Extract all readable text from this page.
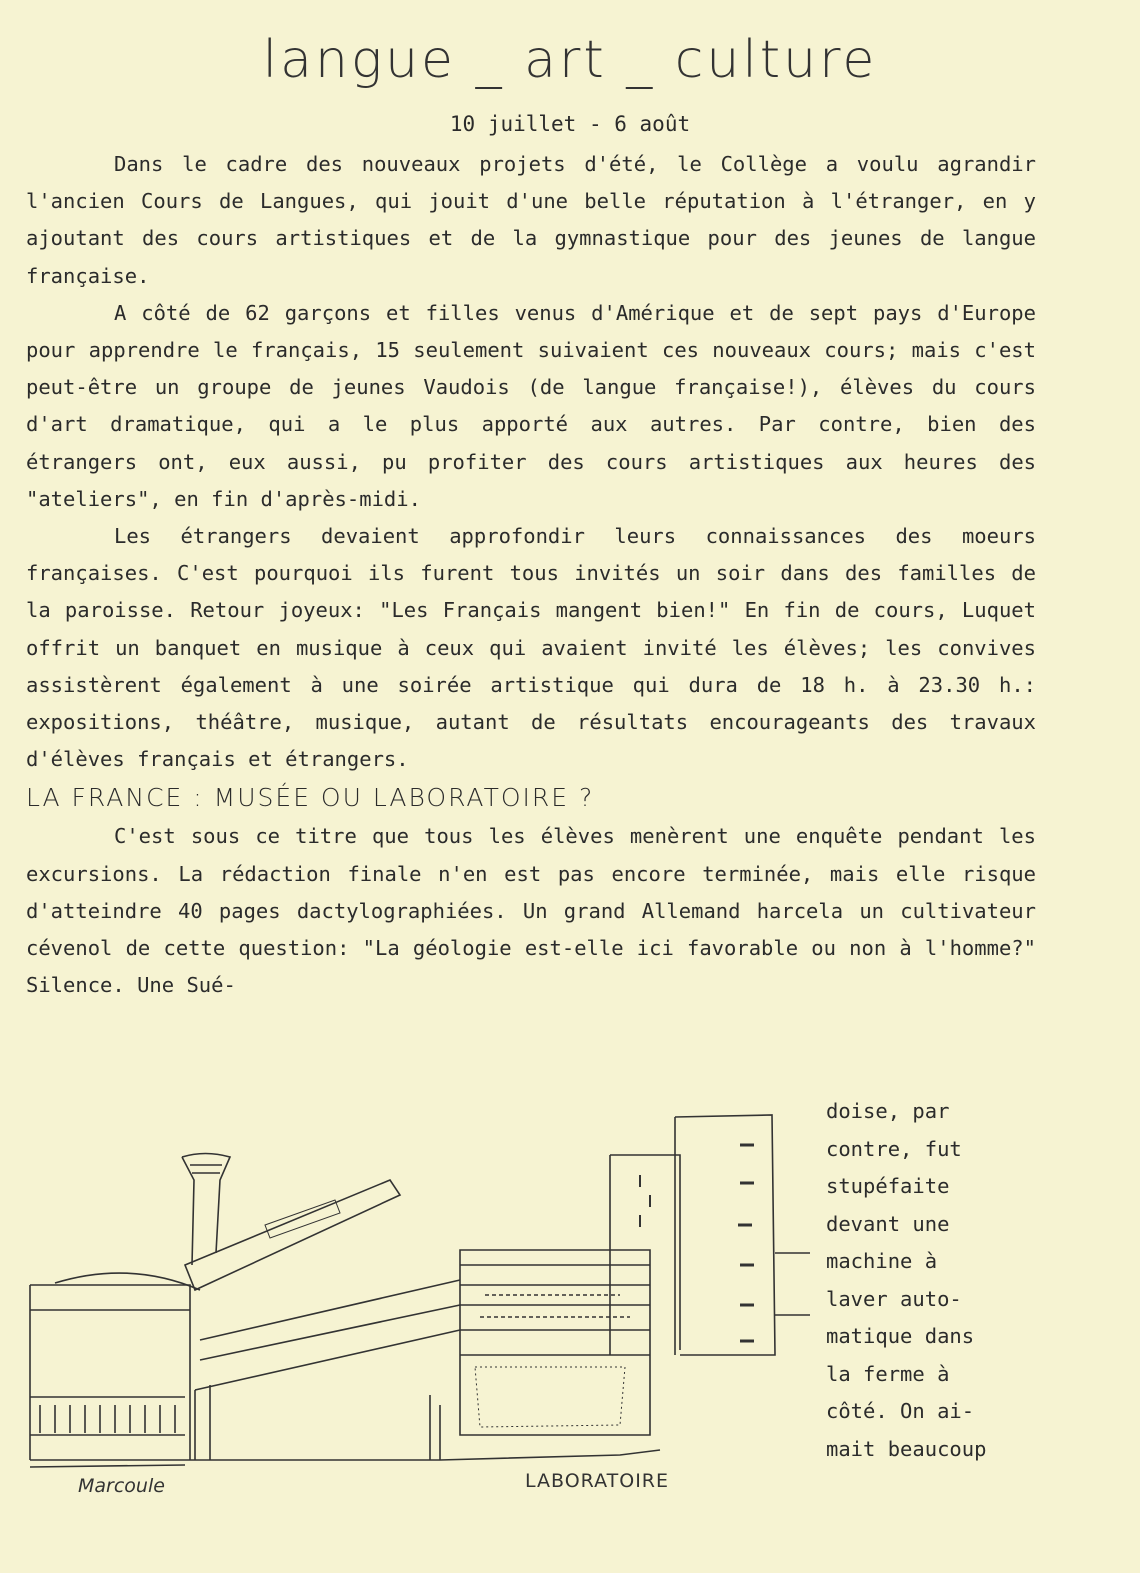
langue _ art _ culture
10 juillet - 6 août

Dans le cadre des nouveaux projets d'été, le Collège a voulu agrandir l'ancien Cours de Langues, qui jouit d'une belle réputation à l'étranger, en y ajoutant des cours artistiques et de la gymnastique pour des jeunes de langue française.

A côté de 62 garçons et filles venus d'Amérique et de sept pays d'Europe pour apprendre le français, 15 seulement suivaient ces nouveaux cours; mais c'est peut-être un groupe de jeunes Vaudois (de langue française!), élèves du cours d'art dramatique, qui a le plus apporté aux autres. Par contre, bien des étrangers ont, eux aussi, pu profiter des cours artistiques aux heures des "ateliers", en fin d'après-midi.

Les étrangers devaient approfondir leurs connaissances des moeurs françaises. C'est pourquoi ils furent tous invités un soir dans des familles de la paroisse. Retour joyeux: "Les Français mangent bien!" En fin de cours, Luquet offrit un banquet en musique à ceux qui avaient invité les élèves; les convives assistèrent également à une soirée artistique qui dura de 18 h. à 23.30 h.: expositions, théâtre, musique, autant de résultats encourageants des travaux d'élèves français et étrangers.

LA FRANCE : MUSÉE OU LABORATOIRE ?

C'est sous ce titre que tous les élèves menèrent une enquête pendant les excursions. La rédaction finale n'en est pas encore terminée, mais elle risque d'atteindre 40 pages dactylographiées. Un grand Allemand harcela un cultivateur cévenol de cette question: "La géologie est-elle ici favorable ou non à l'homme?" Silence. Une Sué-

doise, par
contre, fut
stupéfaite
devant une
machine à
laver auto-
matique dans
la ferme à
côté. On ai-
mait beaucoup
Marcoule	LABORATOIRE
